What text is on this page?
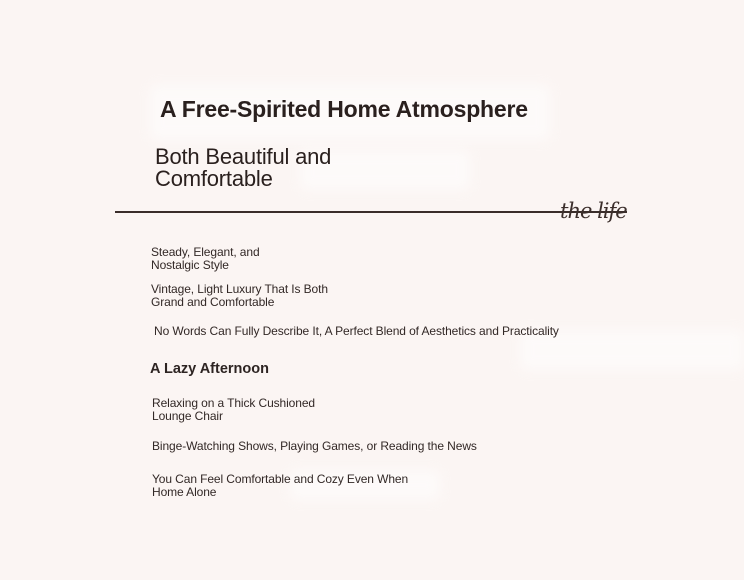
A Free-Spirited Home Atmosphere
Both Beautiful and
Comfortable
the life
Steady, Elegant, and
Nostalgic Style
Vintage, Light Luxury That Is Both
Grand and Comfortable
No Words Can Fully Describe It, A Perfect Blend of Aesthetics and Practicality
A Lazy Afternoon
Relaxing on a Thick Cushioned
Lounge Chair
Binge-Watching Shows, Playing Games, or Reading the News
You Can Feel Comfortable and Cozy Even When
Home Alone
